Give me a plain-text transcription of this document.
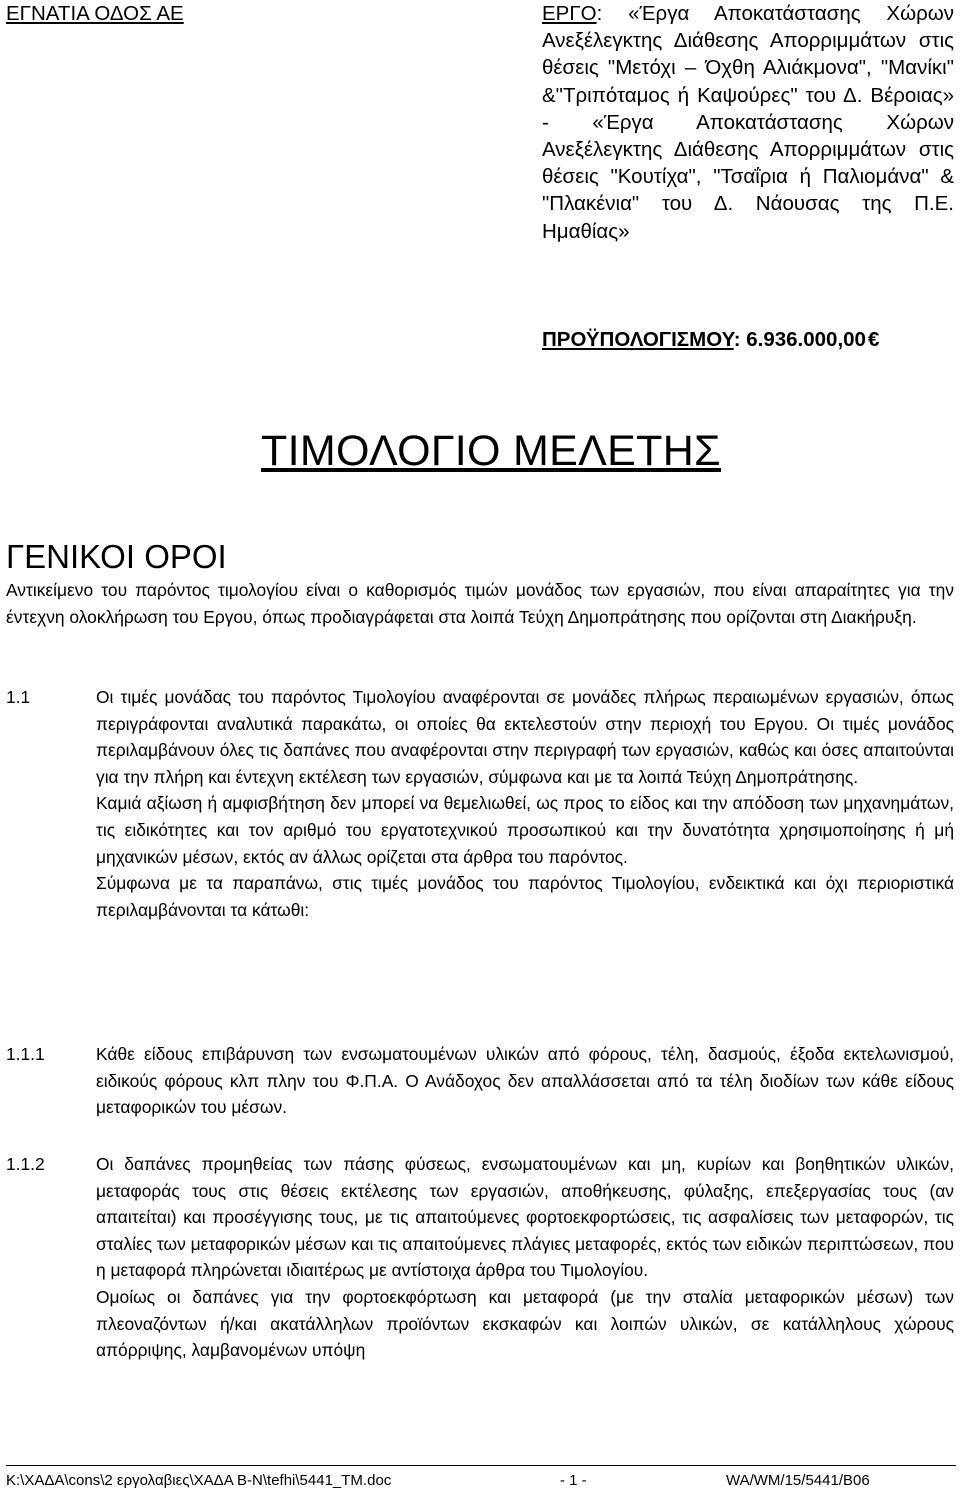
ΕΓΝΑΤΙΑ ΟΔΟΣ ΑΕ	ΕΡΓΟ: «Έργα Αποκατάστασης Χώρων Ανεξέλεγκτης Διάθεσης Απορριμμάτων στις θέσεις "Μετόχι – Όχθη Αλιάκμονα", "Μανίκι" &"Τριπόταμος ή Καψούρες" του Δ. Βέροιας» - «Έργα Αποκατάστασης Χώρων Ανεξέλεγκτης Διάθεσης Απορριμμάτων στις θέσεις "Κουτίχα", "Τσαΐρια ή Παλιομάνα" & "Πλακένια" του Δ. Νάουσας της Π.Ε. Ημαθίας»
ΠΡΟΫΠΟΛΟΓΙΣΜΟΥ: 6.936.000,00€
ΤΙΜΟΛΟΓΙΟ ΜΕΛΕΤΗΣ
ΓΕΝΙΚΟΙ ΟΡΟΙ
Αντικείμενο του παρόντος τιμολογίου είναι ο καθορισμός τιμών μονάδος των εργασιών, που είναι απαραίτητες για την έντεχνη ολοκλήρωση του Εργου, όπως προδιαγράφεται στα λοιπά Τεύχη Δημοπράτησης που ορίζονται στη Διακήρυξη.
1.1	Οι τιμές μονάδας του παρόντος Τιμολογίου αναφέρονται σε μονάδες πλήρως περαιωμένων εργασιών, όπως περιγράφονται αναλυτικά παρακάτω, οι οποίες θα εκτελεστούν στην περιοχή του Εργου. Οι τιμές μονάδος περιλαμβάνουν όλες τις δαπάνες που αναφέρονται στην περιγραφή των εργασιών, καθώς και όσες απαιτούνται για την πλήρη και έντεχνη εκτέλεση των εργασιών, σύμφωνα και με τα λοιπά Τεύχη Δημοπράτησης.

Καμιά αξίωση ή αμφισβήτηση δεν μπορεί να θεμελιωθεί, ως προς το είδος και την απόδοση των μηχανημάτων, τις ειδικότητες και τον αριθμό του εργατοτεχνικού προσωπικού και την δυνατότητα χρησιμοποίησης ή μή μηχανικών μέσων, εκτός αν άλλως ορίζεται στα άρθρα του παρόντος.

Σύμφωνα με τα παραπάνω, στις τιμές μονάδος του παρόντος Τιμολογίου, ενδεικτικά και όχι περιοριστικά περιλαμβάνονται τα κάτωθι:

1.1.1	Κάθε είδους επιβάρυνση των ενσωματουμένων υλικών από φόρους, τέλη, δασμούς, έξοδα εκτελωνισμού, ειδικούς φόρους κλπ πλην του Φ.Π.Α. Ο Ανάδοχος δεν απαλλάσσεται από τα τέλη διοδίων των κάθε είδους μεταφορικών του μέσων.

1.1.2	Οι δαπάνες προμηθείας των πάσης φύσεως, ενσωματουμένων και μη, κυρίων και βοηθητικών υλικών, μεταφοράς τους στις θέσεις εκτέλεσης των εργασιών, αποθήκευσης, φύλαξης, επεξεργασίας τους (αν απαιτείται) και προσέγγισης τους, με τις απαιτούμενες φορτοεκφορτώσεις, τις ασφαλίσεις των μεταφορών, τις σταλίες των μεταφορικών μέσων και τις απαιτούμενες πλάγιες μεταφορές, εκτός των ειδικών περιπτώσεων, που η μεταφορά πληρώνεται ιδιαιτέρως με αντίστοιχα άρθρα του Τιμολογίου.

Ομοίως οι δαπάνες για την φορτοεκφόρτωση και μεταφορά (με την σταλία μεταφορικών μέσων) των πλεοναζόντων ή/και ακατάλληλων προϊόντων εκσκαφών και λοιπών υλικών, σε κατάλληλους χώρους απόρριψης, λαμβανομένων υπόψη

K:\ΧΑΔΑ\cons\2 εργολαβιες\ΧΑΔΑ Β-Ν\tefhi\5441_TM.doc	- 1 -	WA/WM/15/5441/B06
